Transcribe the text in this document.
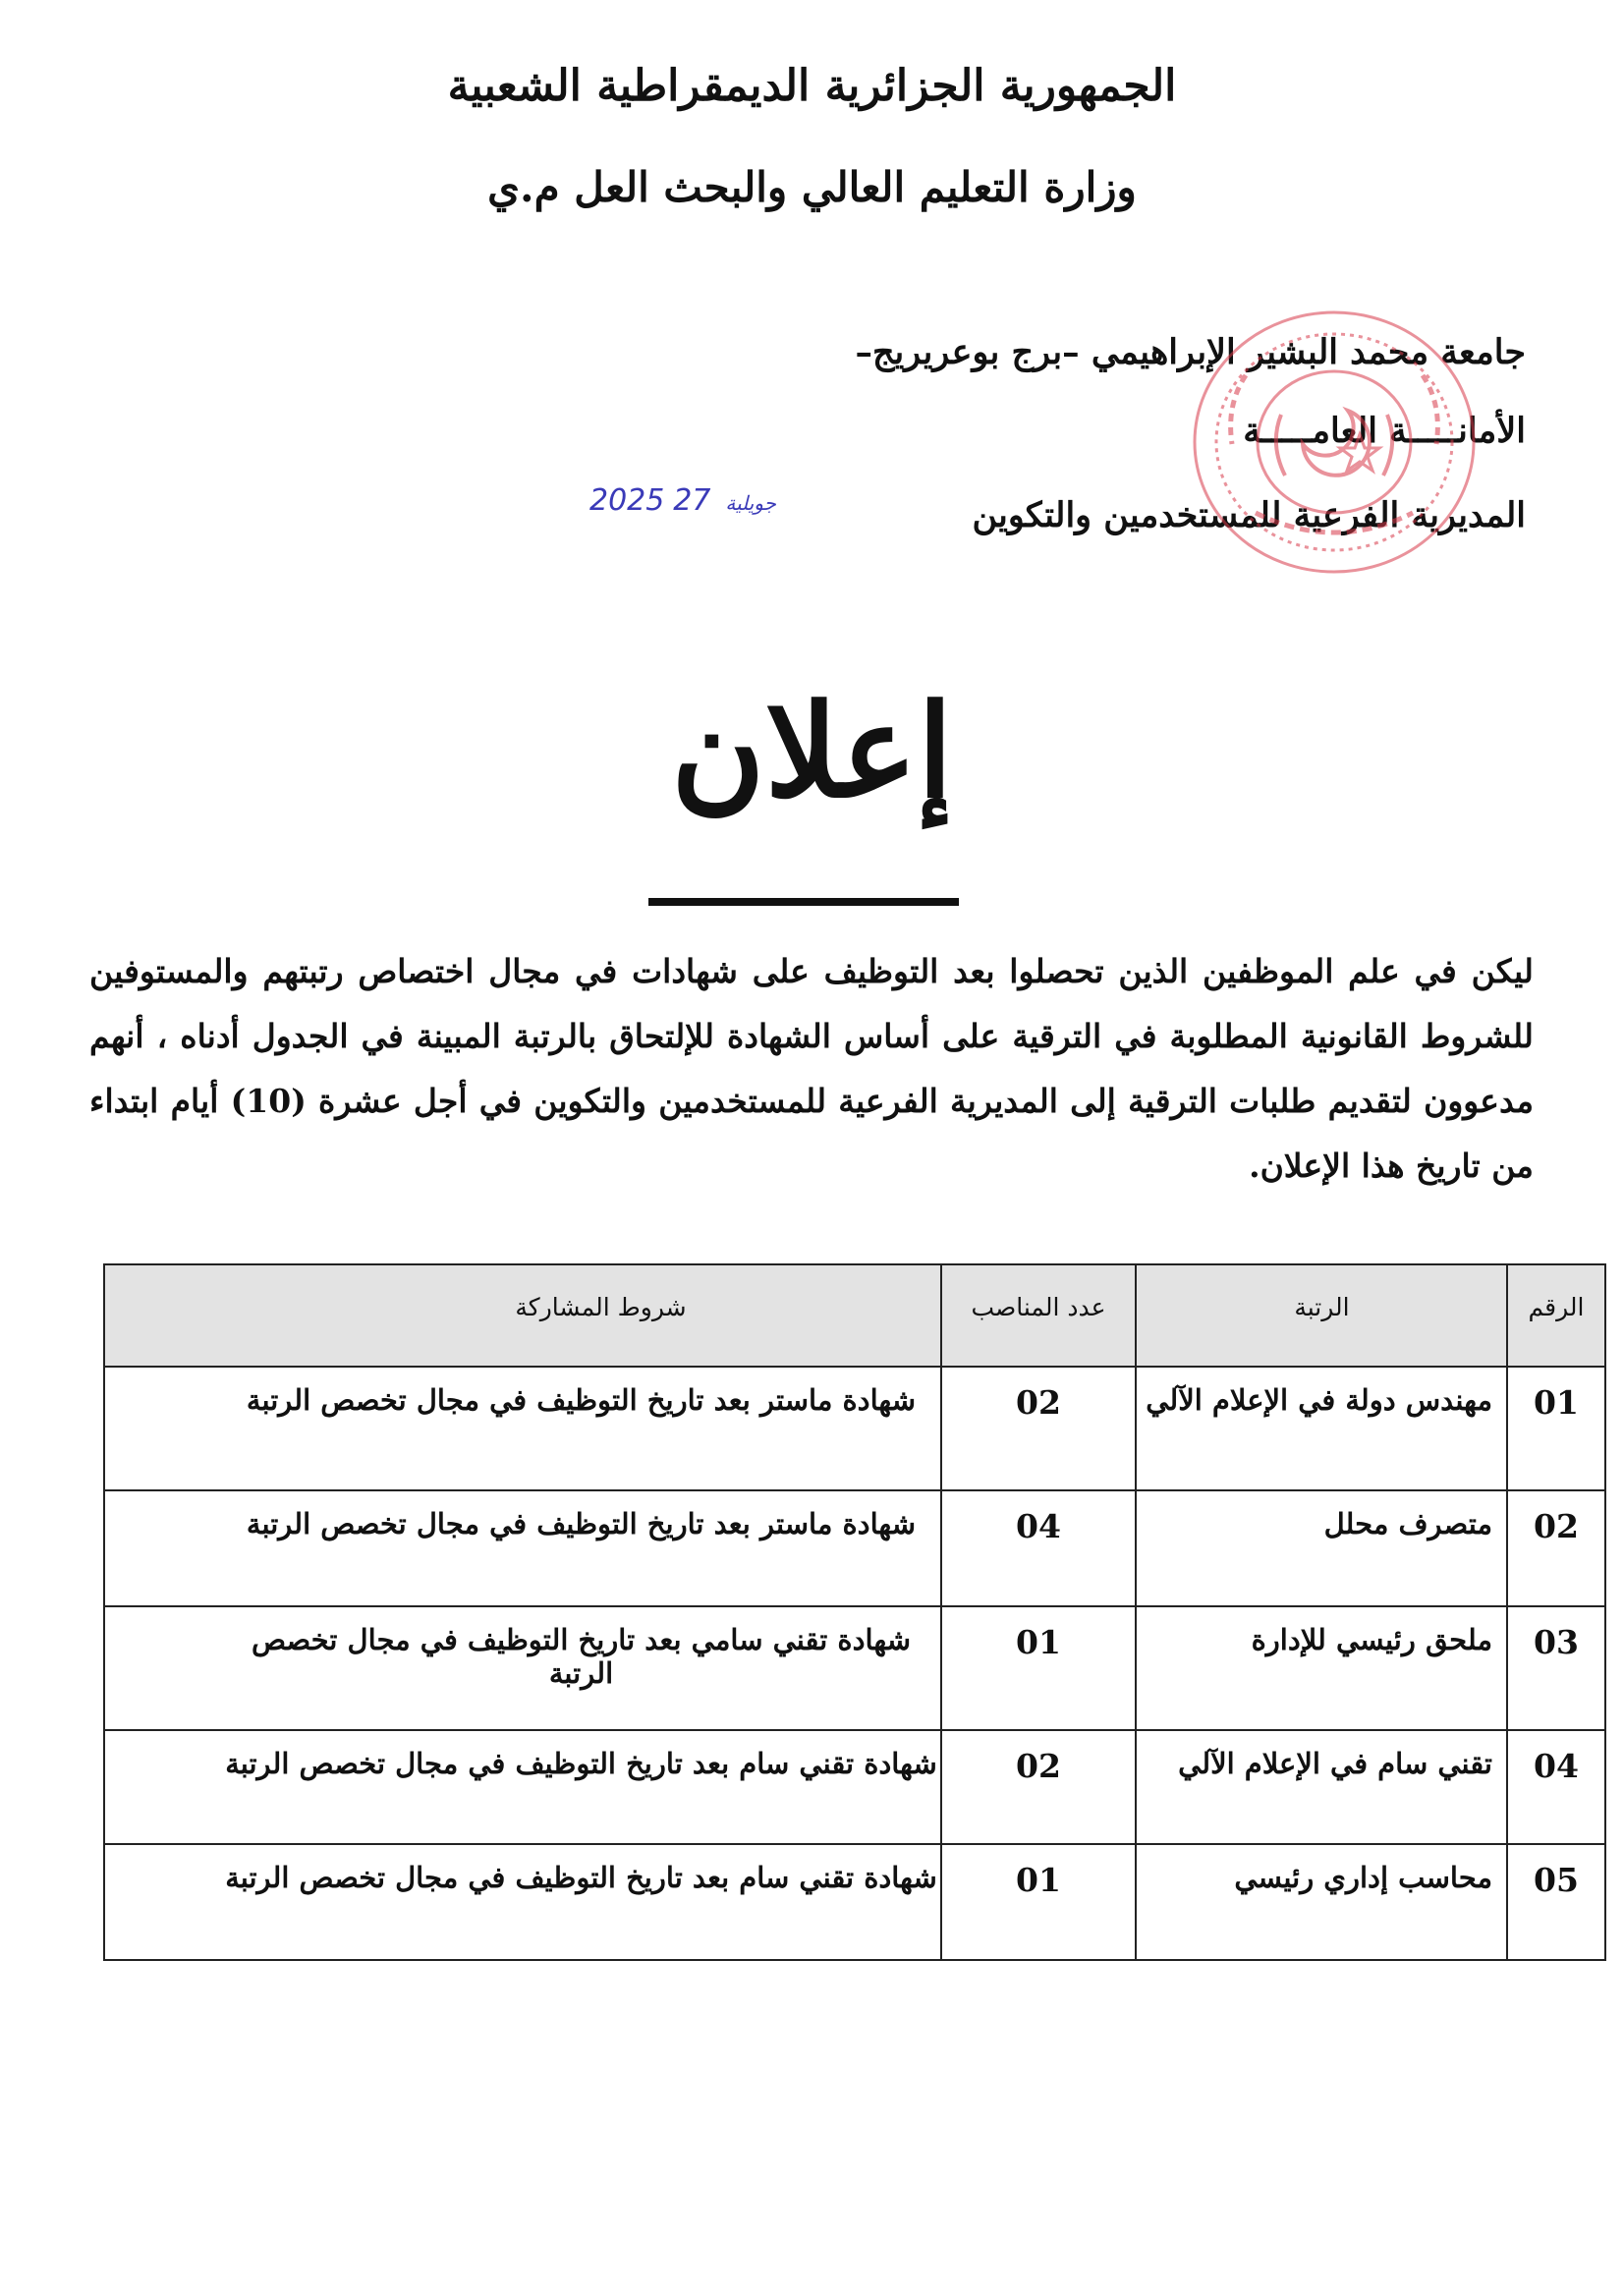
الجمهورية الجزائرية الديمقراطية الشعبية
وزارة التعليم العالي والبحث العل م.ي
جامعة محمد البشير الإبراهيمي –برج بوعريريج–
الأمانـــــة العامـــــة
المديرية الفرعية للمستخدمين والتكوين
2025	جويلية 27
إعلان
ليكن في علم الموظفين الذين تحصلوا بعد التوظيف على شهادات في مجال اختصاص رتبتهم والمستوفين للشروط القانونية المطلوبة في الترقية على أساس الشهادة للإلتحاق بالرتبة المبينة في الجدول أدناه ، أنهم مدعوون لتقديم طلبات الترقية إلى المديرية الفرعية للمستخدمين والتكوين في أجل عشرة (10) أيام ابتداء من تاريخ هذا الإعلان.
الرقم	الرتبة	عدد المناصب	شروط المشاركة
01	مهندس دولة في الإعلام الآلي	02	شهادة ماستر بعد تاريخ التوظيف في مجال تخصص الرتبة
02	متصرف محلل	04	شهادة ماستر بعد تاريخ التوظيف في مجال تخصص الرتبة
03	ملحق رئيسي للإدارة	01	شهادة تقني سامي بعد تاريخ التوظيف في مجال تخصص الرتبة
04	تقني سام في الإعلام الآلي	02	شهادة تقني سام بعد تاريخ التوظيف في مجال تخصص الرتبة
05	محاسب إداري رئيسي	01	شهادة تقني سام بعد تاريخ التوظيف في مجال تخصص الرتبة
